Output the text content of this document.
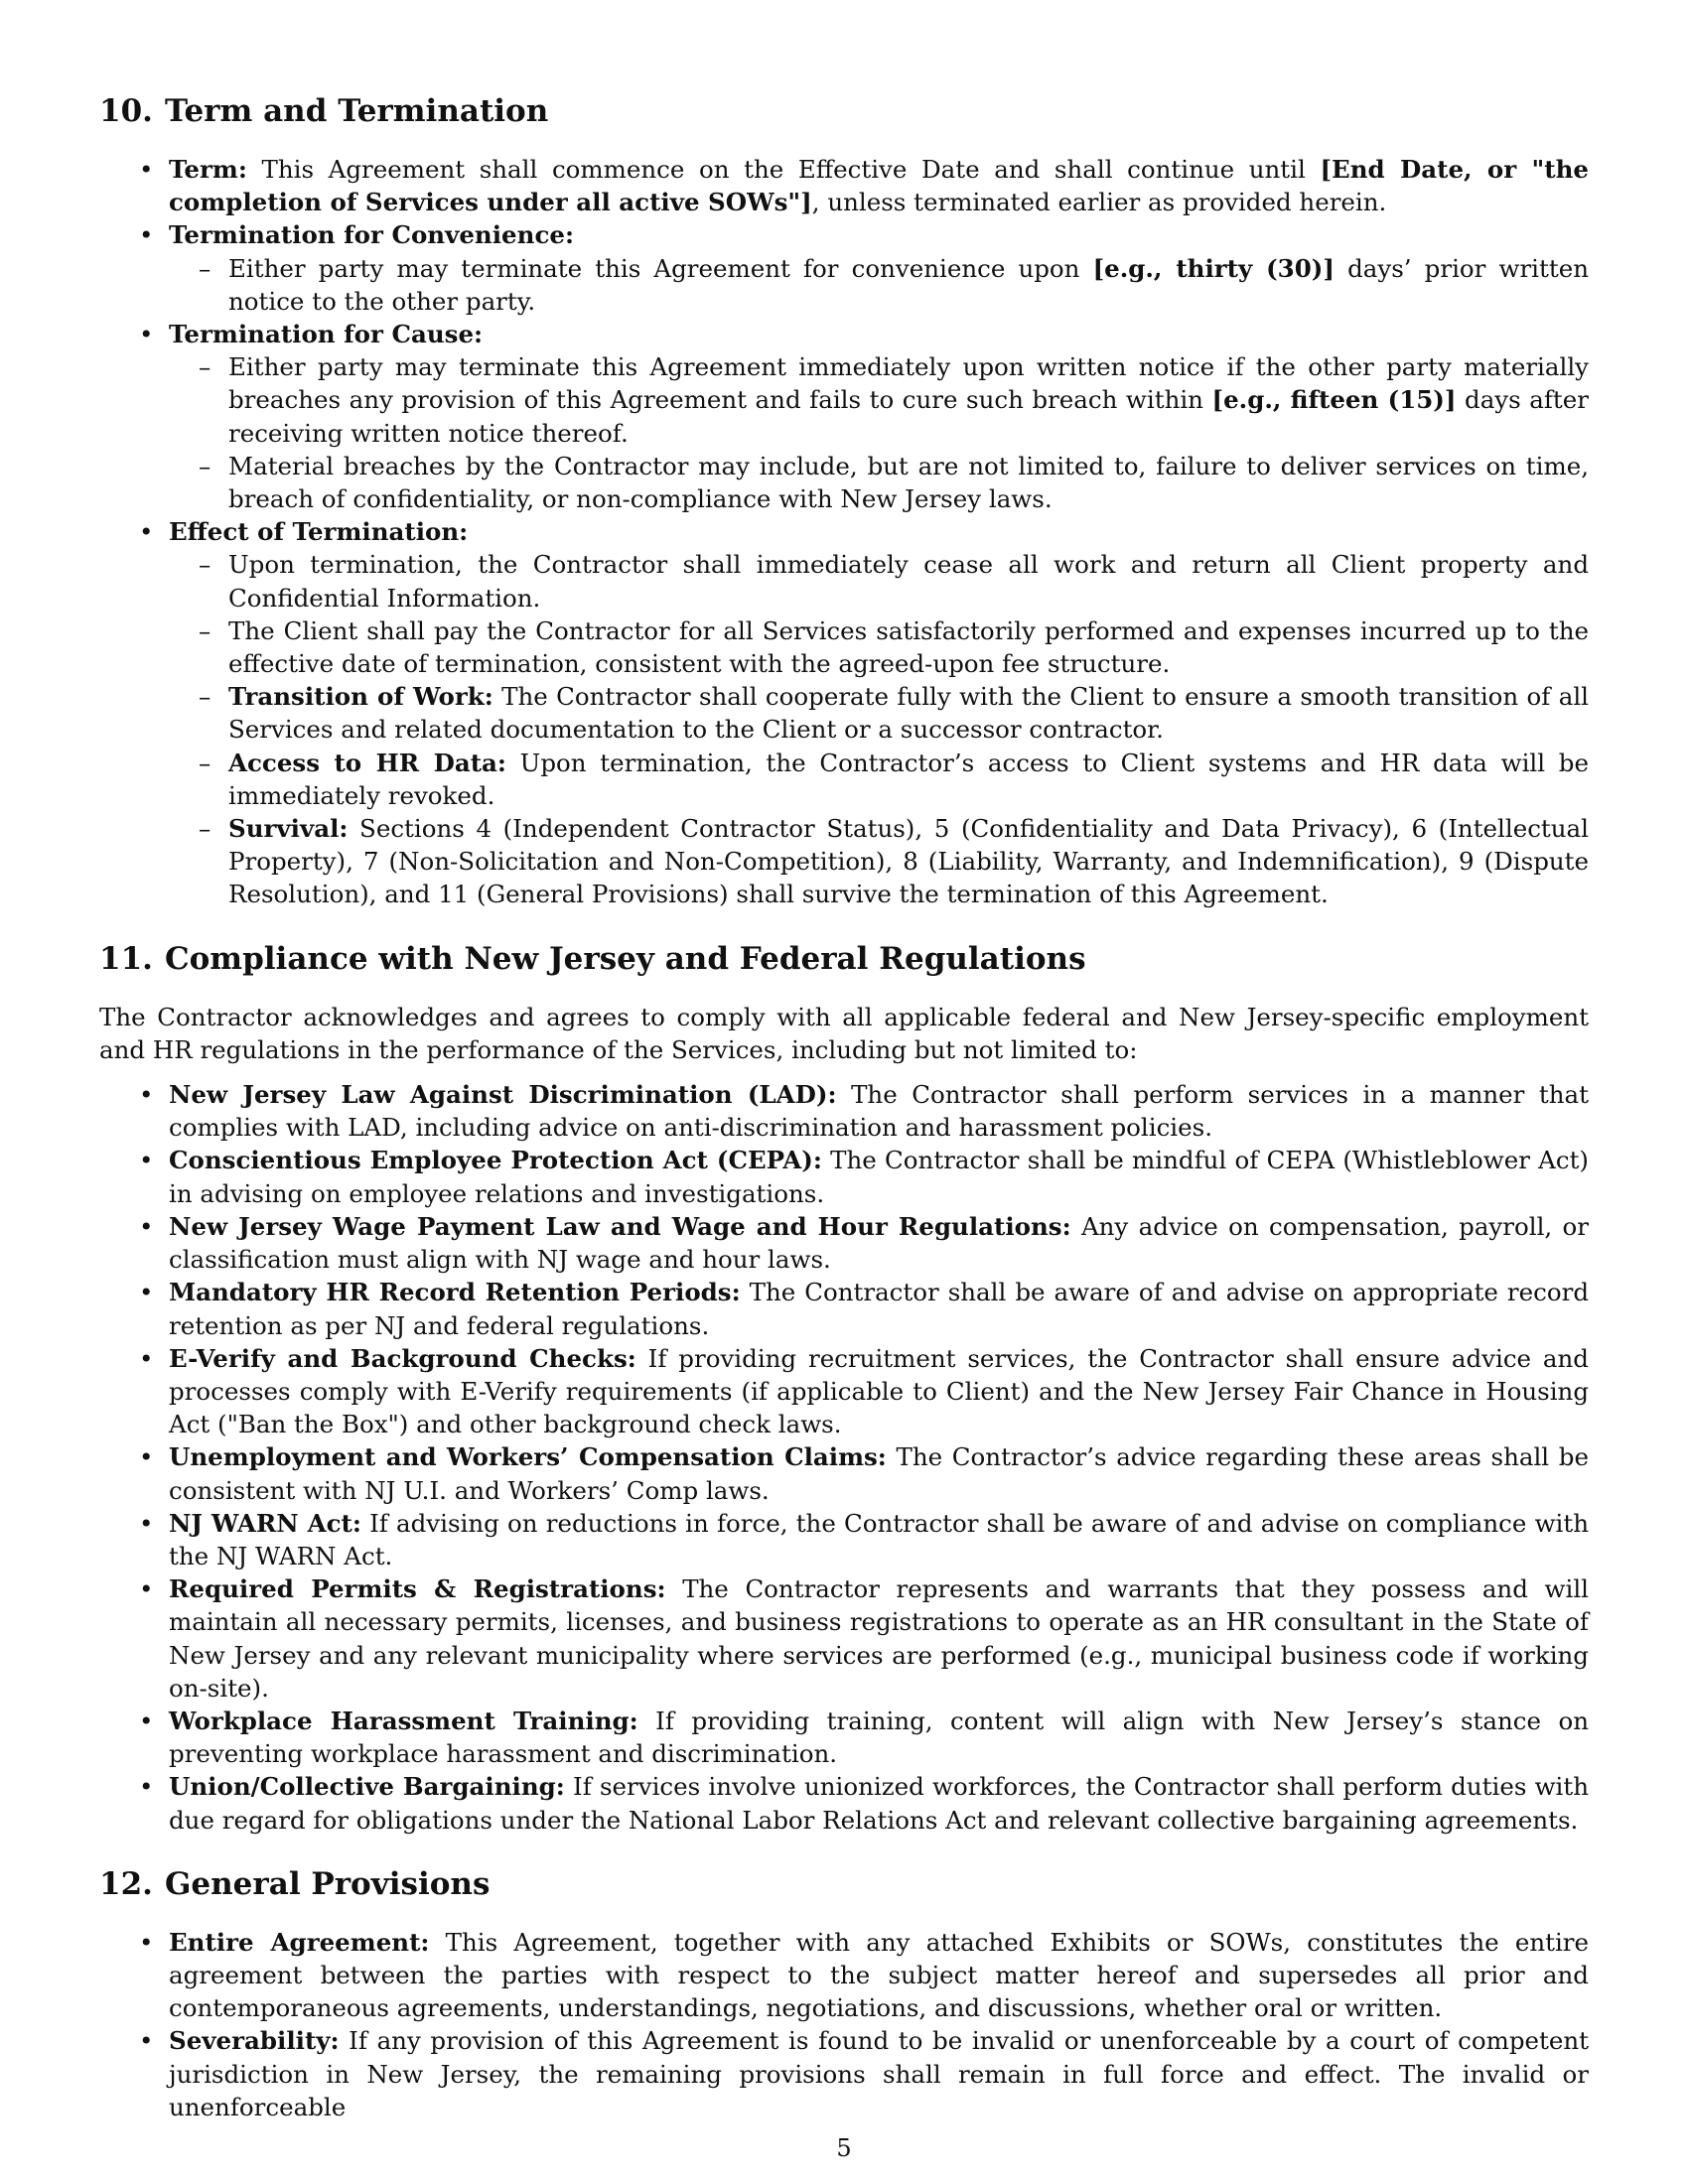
10. Term and Termination
• Term: This Agreement shall commence on the Effective Date and shall continue until [End Date, or "the completion of Services under all active SOWs"], unless terminated earlier as provided herein.
• Termination for Convenience:
– Either party may terminate this Agreement for convenience upon [e.g., thirty (30)] days’ prior written notice to the other party.
• Termination for Cause:
– Either party may terminate this Agreement immediately upon written notice if the other party materially breaches any provision of this Agreement and fails to cure such breach within [e.g., fifteen (15)] days after receiving written notice thereof.
– Material breaches by the Contractor may include, but are not limited to, failure to deliver services on time, breach of confidentiality, or non-compliance with New Jersey laws.
• Effect of Termination:
– Upon termination, the Contractor shall immediately cease all work and return all Client property and Confidential Information.
– The Client shall pay the Contractor for all Services satisfactorily performed and expenses incurred up to the effective date of termination, consistent with the agreed-upon fee structure.
– Transition of Work: The Contractor shall cooperate fully with the Client to ensure a smooth transition of all Services and related documentation to the Client or a successor contractor.
– Access to HR Data: Upon termination, the Contractor’s access to Client systems and HR data will be immediately revoked.
– Survival: Sections 4 (Independent Contractor Status), 5 (Confidentiality and Data Privacy), 6 (Intellectual Property), 7 (Non-Solicitation and Non-Competition), 8 (Liability, Warranty, and Indemnification), 9 (Dispute Resolution), and 11 (General Provisions) shall survive the termination of this Agreement.
11. Compliance with New Jersey and Federal Regulations

The Contractor acknowledges and agrees to comply with all applicable federal and New Jersey-specific employment and HR regulations in the performance of the Services, including but not limited to:

• New Jersey Law Against Discrimination (LAD): The Contractor shall perform services in a manner that complies with LAD, including advice on anti-discrimination and harassment policies.
• Conscientious Employee Protection Act (CEPA): The Contractor shall be mindful of CEPA (Whistleblower Act) in advising on employee relations and investigations.
• New Jersey Wage Payment Law and Wage and Hour Regulations: Any advice on compensation, payroll, or classification must align with NJ wage and hour laws.
• Mandatory HR Record Retention Periods: The Contractor shall be aware of and advise on appropriate record retention as per NJ and federal regulations.
• E-Verify and Background Checks: If providing recruitment services, the Contractor shall ensure advice and processes comply with E-Verify requirements (if applicable to Client) and the New Jersey Fair Chance in Housing Act ("Ban the Box") and other background check laws.
• Unemployment and Workers’ Compensation Claims: The Contractor’s advice regarding these areas shall be consistent with NJ U.I. and Workers’ Comp laws.
• NJ WARN Act: If advising on reductions in force, the Contractor shall be aware of and advise on compliance with the NJ WARN Act.
• Required Permits & Registrations: The Contractor represents and warrants that they possess and will maintain all necessary permits, licenses, and business registrations to operate as an HR consultant in the State of New Jersey and any relevant municipality where services are performed (e.g., municipal business code if working on-site).
• Workplace Harassment Training: If providing training, content will align with New Jersey’s stance on preventing workplace harassment and discrimination.
• Union/Collective Bargaining: If services involve unionized workforces, the Contractor shall perform duties with due regard for obligations under the National Labor Relations Act and relevant collective bargaining agreements.
12. General Provisions
• Entire Agreement: This Agreement, together with any attached Exhibits or SOWs, constitutes the entire agreement between the parties with respect to the subject matter hereof and supersedes all prior and contemporaneous agreements, understandings, negotiations, and discussions, whether oral or written.
• Severability: If any provision of this Agreement is found to be invalid or unenforceable by a court of competent jurisdiction in New Jersey, the remaining provisions shall remain in full force and effect. The invalid or unenforceable
5
